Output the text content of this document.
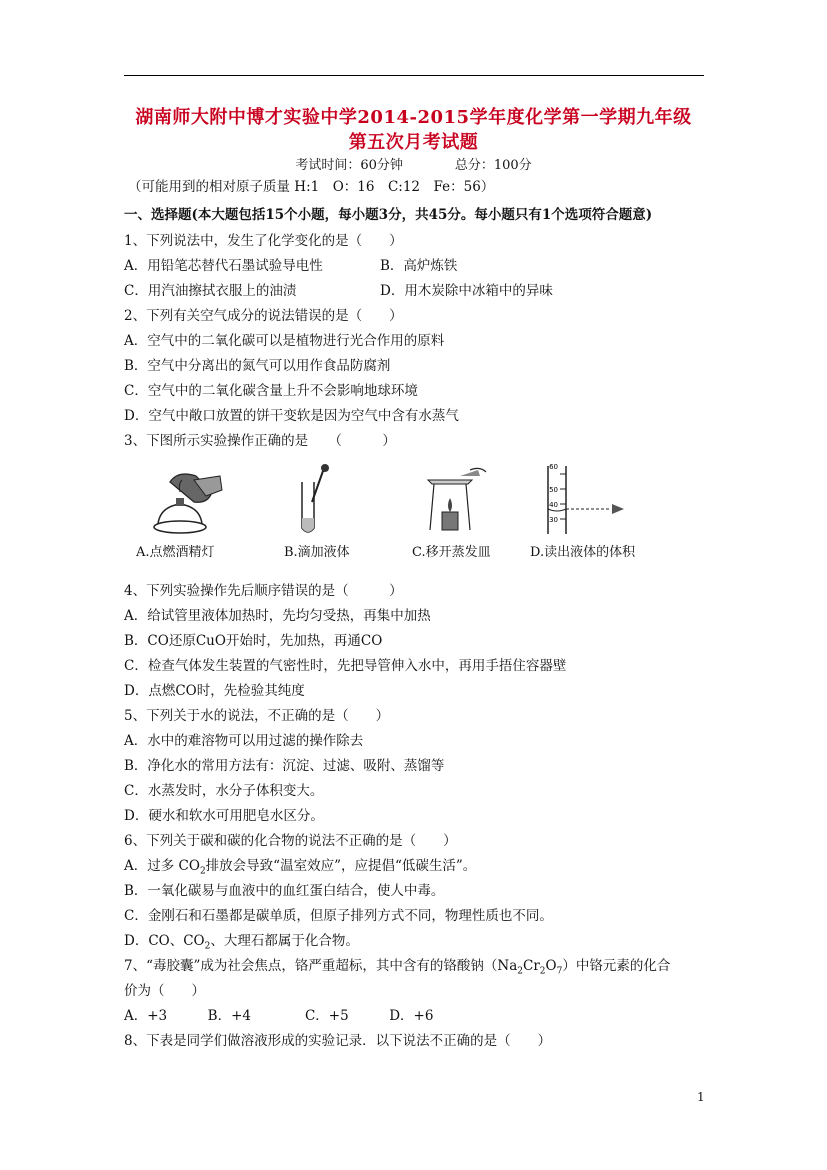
湖南师大附中博才实验中学2014-2015学年度化学第一学期九年级
第五次月考试题
考试时间：60分钟　　　　总分：100分
（可能用到的相对原子质量 H:1　O：16　C:12　Fe：56）
一、选择题(本大题包括15个小题，每小题3分，共45分。每小题只有1个选项符合题意)
1、下列说法中，发生了化学变化的是（　　）
A．用铅笔芯替代石墨试验导电性	B．高炉炼铁
C．用汽油擦拭衣服上的油渍	D．用木炭除中冰箱中的异味
2、下列有关空气成分的说法错误的是（　　）
A．空气中的二氧化碳可以是植物进行光合作用的原料
B．空气中分离出的氮气可以用作食品防腐剂
C．空气中的二氧化碳含量上升不会影响地球环境
D．空气中敞口放置的饼干变软是因为空气中含有水蒸气
3、下图所示实验操作正确的是　　（　　　）
60
50
40
30
A.点燃酒精灯	B.滴加液体	C.移开蒸发皿	D.读出液体的体积
4、下列实验操作先后顺序错误的是（　　　）
A．给试管里液体加热时，先均匀受热，再集中加热
B．CO还原CuO开始时，先加热，再通CO
C．检查气体发生装置的气密性时，先把导管伸入水中，再用手捂住容器壁
D．点燃CO时，先检验其纯度
5、下列关于水的说法，不正确的是（　　）
A．水中的难溶物可以用过滤的操作除去
B．净化水的常用方法有：沉淀、过滤、吸附、蒸馏等
C．水蒸发时，水分子体积变大。
D．硬水和软水可用肥皂水区分。
6、下列关于碳和碳的化合物的说法不正确的是（　　）
A．过多 $CO_2$排放会导致“温室效应”，应提倡“低碳生活”。
B．一氧化碳易与血液中的血红蛋白结合，使人中毒。
C．金刚石和石墨都是碳单质，但原子排列方式不同，物理性质也不同。
D．CO、$CO_2$、大理石都属于化合物。
7、“毒胶囊”成为社会焦点，铬严重超标，其中含有的铬酸钠$(Na_2Cr_2O_7)$中铬元素的化合
价为（　　）
A．+3　　　B．+4　　　　C．+5　　　D．+6
8、下表是同学们做溶液形成的实验记录．以下说法不正确的是（　　）
1
